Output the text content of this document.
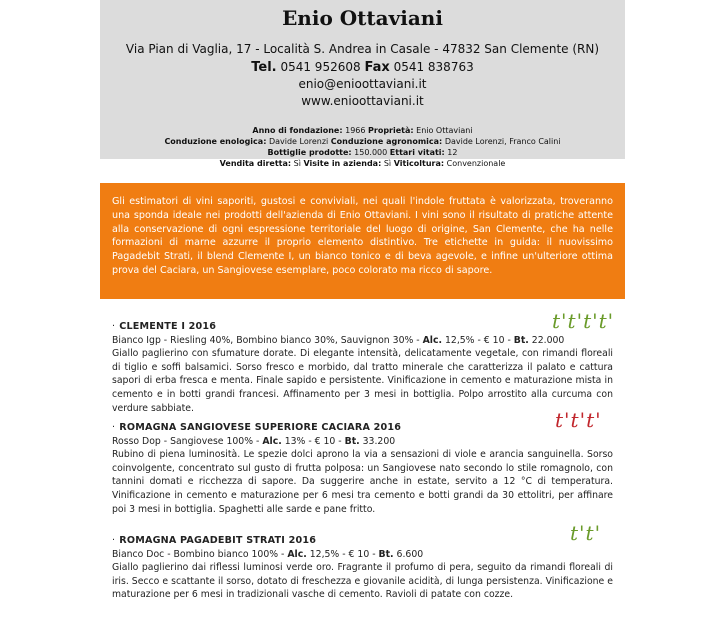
Enio Ottaviani
Via Pian di Vaglia, 17 - Località S. Andrea in Casale - 47832 San Clemente (RN)
Tel. 0541 952608 Fax 0541 838763
enio@enioottaviani.it
www.enioottaviani.it
Anno di fondazione: 1966 Proprietà: Enio Ottaviani
Conduzione enologica: Davide Lorenzi Conduzione agronomica: Davide Lorenzi, Franco Calini
Bottiglie prodotte: 150.000 Ettari vitati: 12
Vendita diretta: Sì Visite in azienda: Sì Viticoltura: Convenzionale
Gli estimatori di vini saporiti, gustosi e conviviali, nei quali l'indole fruttata è valorizzata, troveranno una sponda ideale nei prodotti dell'azienda di Enio Ottaviani. I vini sono il risultato di pratiche attente alla conservazione di ogni espressione territoriale del luogo di origine, San Clemente, che ha nelle formazioni di marne azzurre il proprio elemento distintivo. Tre etichette in guida: il nuovissimo Pagadebit Strati, il blend Clemente I, un bianco tonico e di beva agevole, e infine un'ulteriore ottima prova del Caciara, un Sangiovese esemplare, poco colorato ma ricco di sapore.
· CLEMENTE I 2016
Bianco Igp - Riesling 40%, Bombino bianco 30%, Sauvignon 30% - Alc. 12,5% - € 10 - Bt. 22.000
Giallo paglierino con sfumature dorate. Di elegante intensità, delicatamente vegetale, con rimandi floreali di tiglio e soffi balsamici. Sorso fresco e morbido, dal tratto minerale che caratterizza il palato e cattura sapori di erba fresca e menta. Finale sapido e persistente. Vinificazione in cemento e maturazione mista in cemento e in botti grandi francesi. Affinamento per 3 mesi in bottiglia. Polpo arrostito alla curcuma con verdure sabbiate.
t't't't'
· ROMAGNA SANGIOVESE SUPERIORE CACIARA 2016
Rosso Dop - Sangiovese 100% - Alc. 13% - € 10 - Bt. 33.200
Rubino di piena luminosità. Le spezie dolci aprono la via a sensazioni di viole e arancia sanguinella. Sorso coinvolgente, concentrato sul gusto di frutta polposa: un Sangiovese nato secondo lo stile romagnolo, con tannini domati e ricchezza di sapore. Da suggerire anche in estate, servito a 12 °C di temperatura. Vinificazione in cemento e maturazione per 6 mesi tra cemento e botti grandi da 30 ettolitri, per affinare poi 3 mesi in bottiglia. Spaghetti alle sarde e pane fritto.
t't't'
· ROMAGNA PAGADEBIT STRATI 2016
Bianco Doc - Bombino bianco 100% - Alc. 12,5% - € 10 - Bt. 6.600
Giallo paglierino dai riflessi luminosi verde oro. Fragrante il profumo di pera, seguito da rimandi floreali di iris. Secco e scattante il sorso, dotato di freschezza e giovanile acidità, di lunga persistenza. Vinificazione e maturazione per 6 mesi in tradizionali vasche di cemento. Ravioli di patate con cozze.
t't'
